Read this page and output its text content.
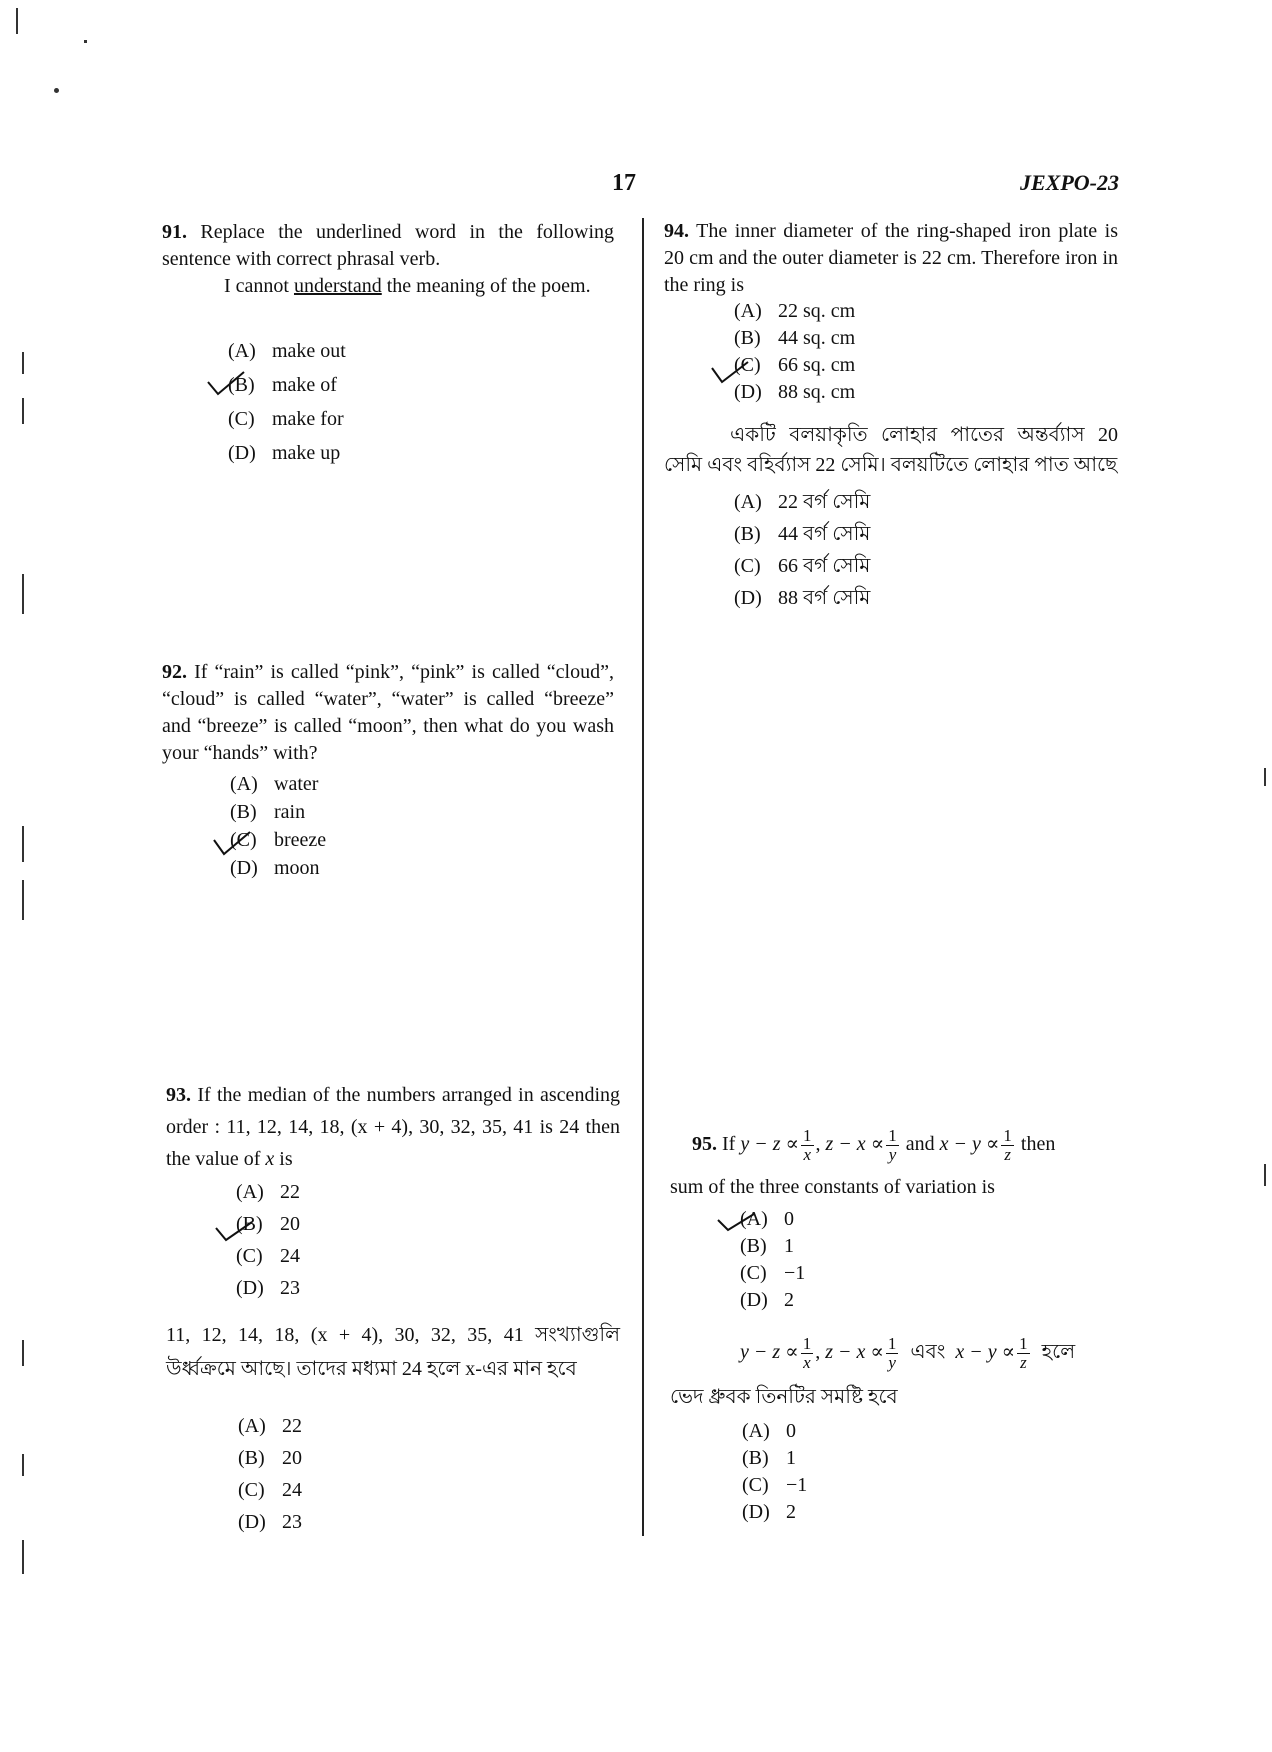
17	JEXPO-23
91. Replace the underlined word in the following sentence with correct phrasal verb.
I cannot understand the meaning of the poem.
(A) make out
(B) make of
(C) make for
(D) make up
92. If “rain” is called “pink”, “pink” is called “cloud”, “cloud” is called “water”, “water” is called “breeze” and “breeze” is called “moon”, then what do you wash your “hands” with?
(A) water
(B) rain
(C) breeze
(D) moon
93. If the median of the numbers arranged in ascending order : 11, 12, 14, 18, (x + 4), 30, 32, 35, 41 is 24 then the value of x is
(A) 22
(B) 20
(C) 24
(D) 23
11, 12, 14, 18, (x + 4), 30, 32, 35, 41 সংখ্যাগুলি উর্ধ্বক্রমে আছে। তাদের মধ্যমা 24 হলে x-এর মান হবে
(A) 22
(B) 20
(C) 24
(D) 23
94. The inner diameter of the ring-shaped iron plate is 20 cm and the outer diameter is 22 cm. Therefore iron in the ring is
(A) 22 sq. cm
(B) 44 sq. cm
(C) 66 sq. cm
(D) 88 sq. cm
একটি বলয়াকৃতি লোহার পাতের অন্তর্ব্যাস 20 সেমি এবং বহির্ব্যাস 22 সেমি। বলয়টিতে লোহার পাত আছে
(A) 22 বর্গ সেমি
(B) 44 বর্গ সেমি
(C) 66 বর্গ সেমি
(D) 88 বর্গ সেমি
95. If $y - z \propto \frac{1}{x}$ , $z - x \propto \frac{1}{y}$ and $x - y \propto \frac{1}{z}$ then
sum of the three constants of variation is
(A) 0
(B) 1
(C) −1
(D) 2
$y - z \propto \frac{1}{x}$ , $z - x \propto \frac{1}{y}$ এবং $x - y \propto \frac{1}{z}$ হলে
ভেদ ধ্রুবক তিনটির সমষ্টি হবে
(A) 0
(B) 1
(C) −1
(D) 2
